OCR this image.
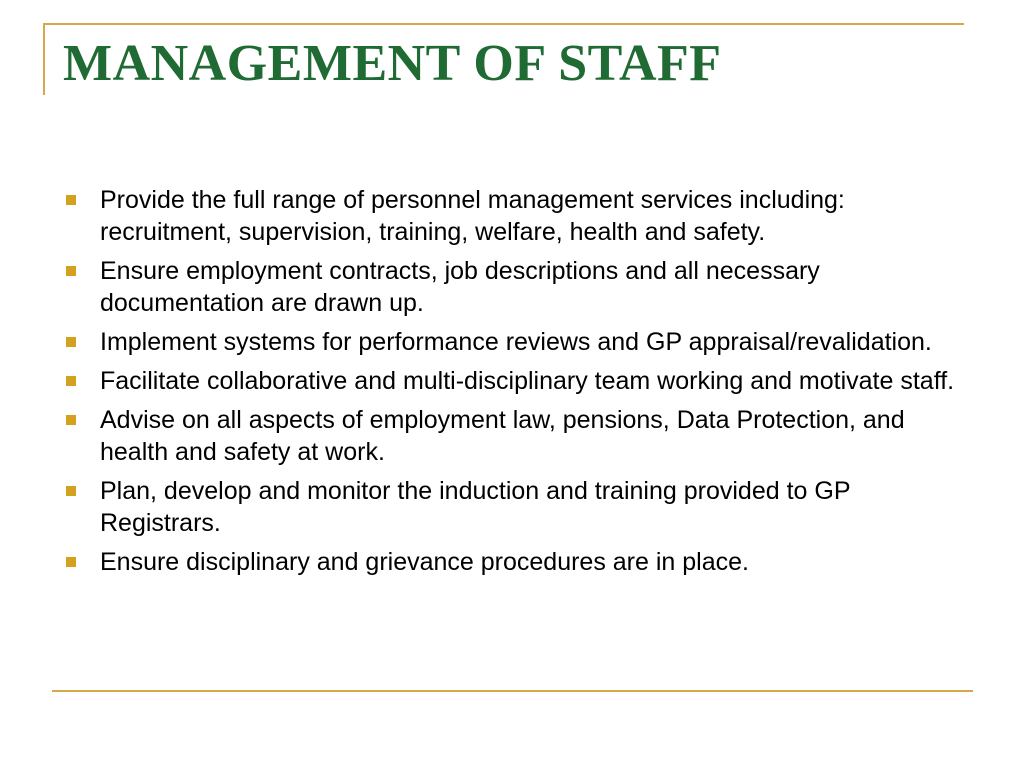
MANAGEMENT OF STAFF
Provide the full range of personnel management services including: recruitment, supervision, training, welfare, health and safety.
Ensure employment contracts, job descriptions and all necessary documentation are drawn up.
Implement systems for performance reviews and GP appraisal/revalidation.
Facilitate collaborative and multi-disciplinary team working and motivate staff.
Advise on all aspects of employment law, pensions, Data Protection, and health and safety at work.
Plan, develop and monitor the induction and training provided to GP Registrars.
Ensure disciplinary and grievance procedures are in place.
